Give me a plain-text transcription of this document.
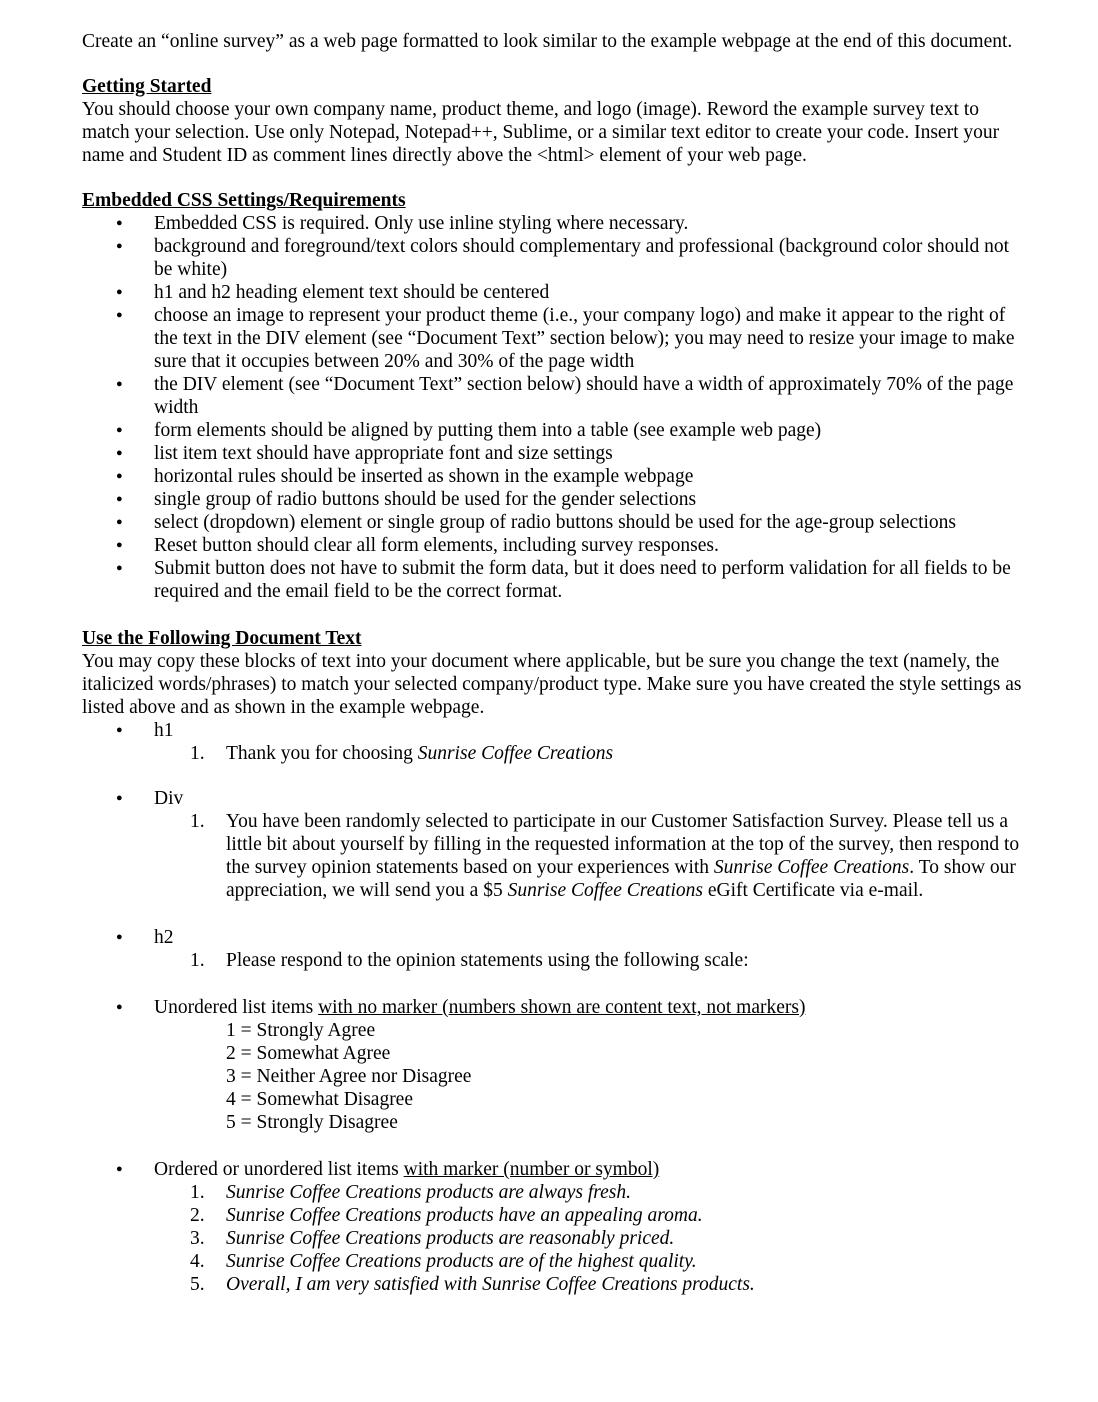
Create an “online survey” as a web page formatted to look similar to the example webpage at the end of this document.

Getting Started

You should choose your own company name, product theme, and logo (image). Reword the example survey text to match your selection. Use only Notepad, Notepad++, Sublime, or a similar text editor to create your code. Insert your name and Student ID as comment lines directly above the <html> element of your web page.

Embedded CSS Settings/Requirements

● Embedded CSS is required. Only use inline styling where necessary.
● background and foreground/text colors should complementary and professional (background color should not be white)
● h1 and h2 heading element text should be centered
● choose an image to represent your product theme (i.e., your company logo) and make it appear to the right of the text in the DIV element (see “Document Text” section below); you may need to resize your image to make sure that it occupies between 20% and 30% of the page width
● the DIV element (see “Document Text” section below) should have a width of approximately 70% of the page width
● form elements should be aligned by putting them into a table (see example web page)
● list item text should have appropriate font and size settings
● horizontal rules should be inserted as shown in the example webpage
● single group of radio buttons should be used for the gender selections
● select (dropdown) element or single group of radio buttons should be used for the age-group selections
● Reset button should clear all form elements, including survey responses.
● Submit button does not have to submit the form data, but it does need to perform validation for all fields to be required and the email field to be the correct format.

Use the Following Document Text

You may copy these blocks of text into your document where applicable, but be sure you change the text (namely, the italicized words/phrases) to match your selected company/product type. Make sure you have created the style settings as listed above and as shown in the example webpage.

● h1
1. Thank you for choosing Sunrise Coffee Creations
● Div
1. You have been randomly selected to participate in our Customer Satisfaction Survey. Please tell us a little bit about yourself by filling in the requested information at the top of the survey, then respond to the survey opinion statements based on your experiences with Sunrise Coffee Creations. To show our appreciation, we will send you a $5 Sunrise Coffee Creations eGift Certificate via e-mail.
● h2
1. Please respond to the opinion statements using the following scale:
● Unordered list items with no marker (numbers shown are content text, not markers)
1 = Strongly Agree
2 = Somewhat Agree
3 = Neither Agree nor Disagree
4 = Somewhat Disagree
5 = Strongly Disagree
● Ordered or unordered list items with marker (number or symbol)
1. Sunrise Coffee Creations products are always fresh.
2. Sunrise Coffee Creations products have an appealing aroma.
3. Sunrise Coffee Creations products are reasonably priced.
4. Sunrise Coffee Creations products are of the highest quality.
5. Overall, I am very satisfied with Sunrise Coffee Creations products.
